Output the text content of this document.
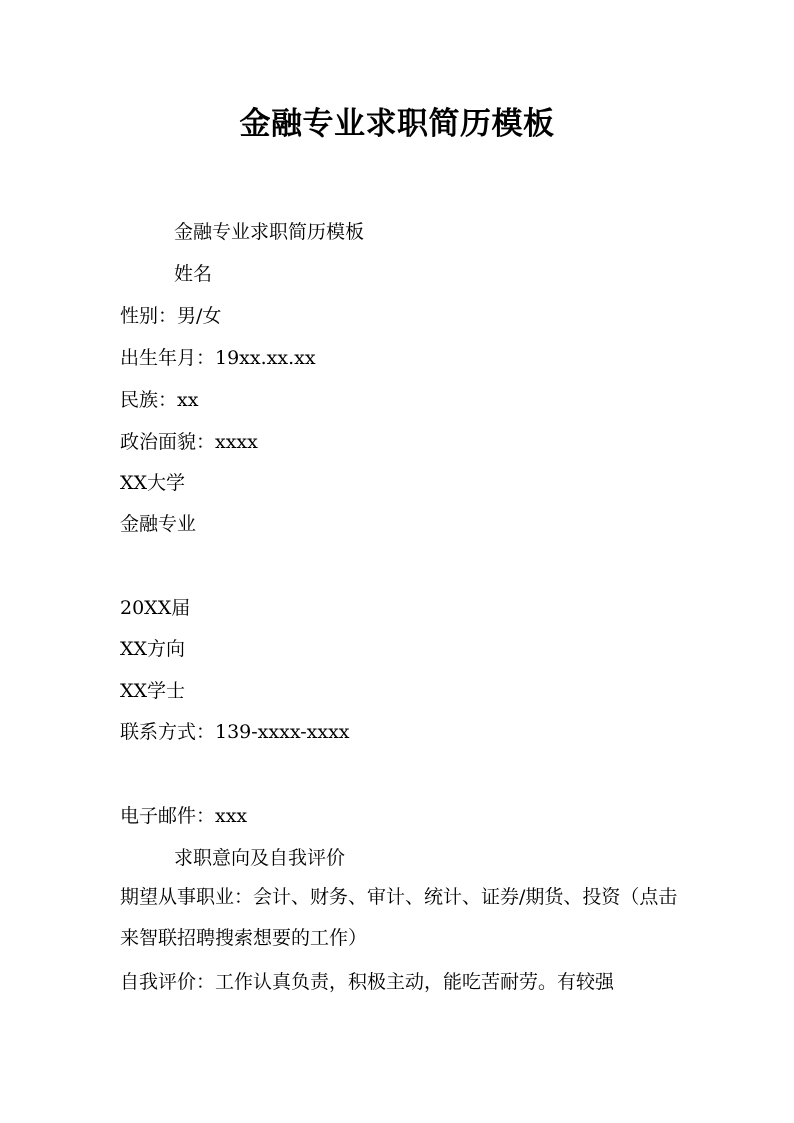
金融专业求职简历模板
金融专业求职简历模板
姓名
性别：男/女
出生年月：19xx.xx.xx
民族：xx
政治面貌：xxxx
XX大学
金融专业
20XX届
XX方向
XX学士
联系方式：139-xxxx-xxxx
电子邮件：xxx
求职意向及自我评价
期望从事职业：会计、财务、审计、统计、证券/期货、投资（点击来智联招聘搜索想要的工作）
自我评价：工作认真负责，积极主动，能吃苦耐劳。有较强
